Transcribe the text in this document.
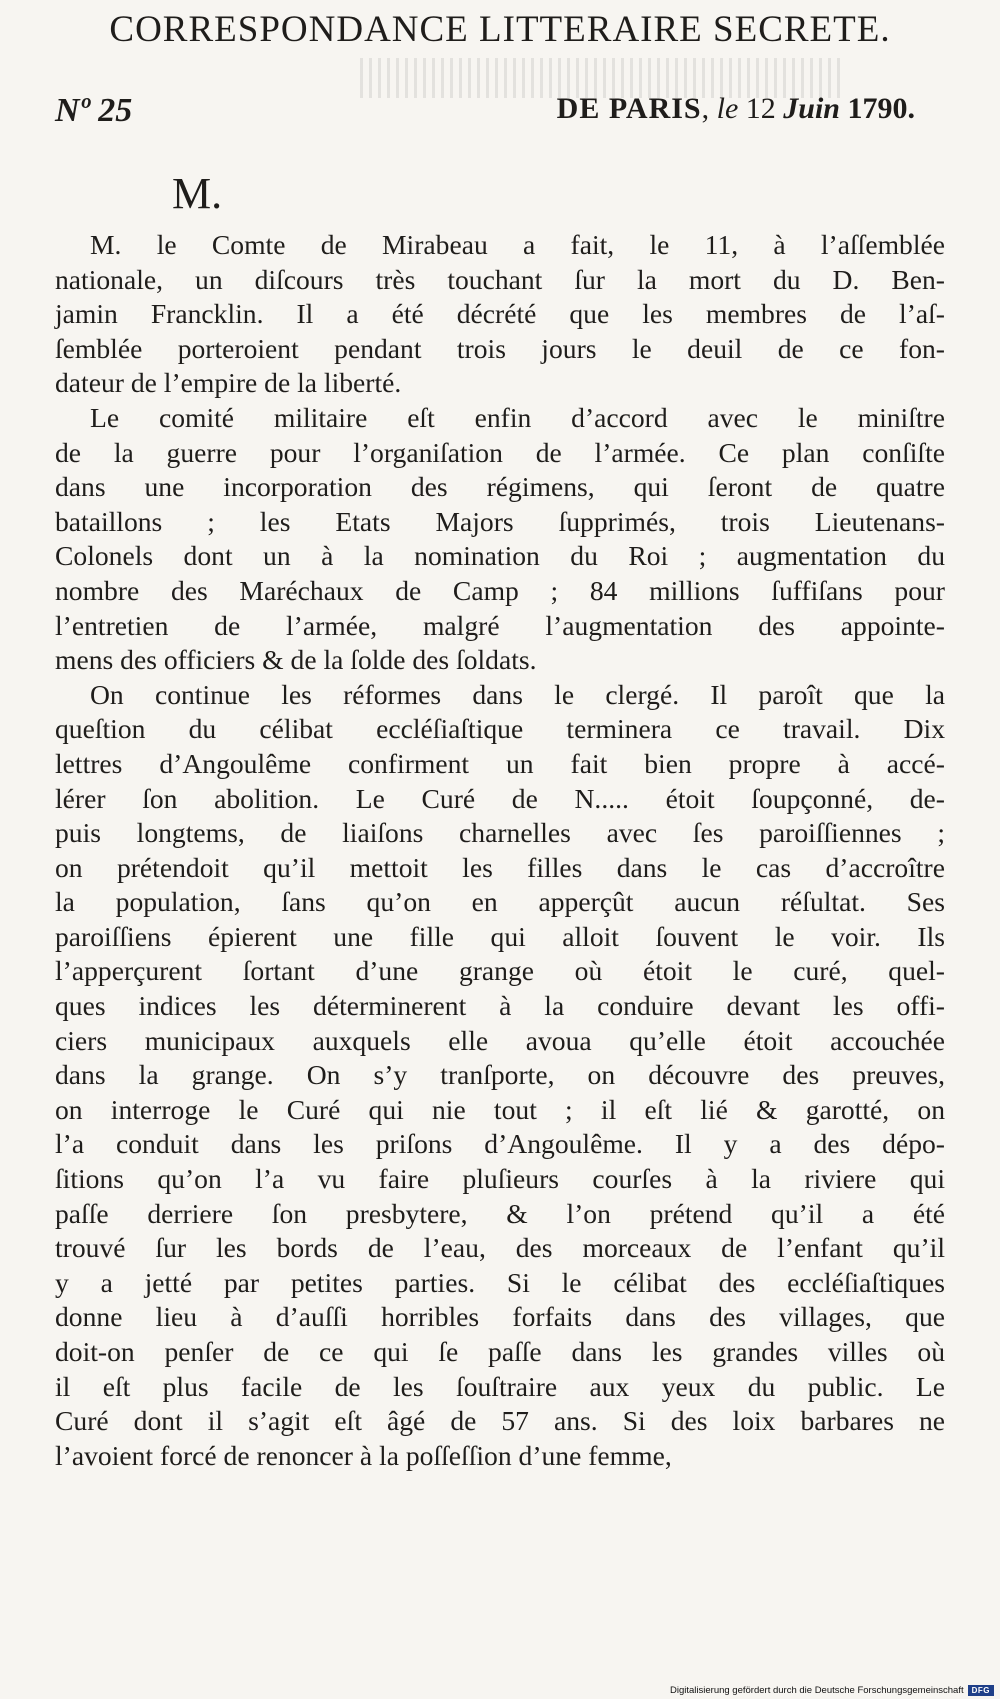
CORRESPONDANCE LITTERAIRE SECRETE.
Nº 25	DE PARIS, le 12 Juin 1790.
M.
M. le Comte de Mirabeau a fait, le 11, à l’aſſemblée
nationale, un diſcours très touchant ſur la mort du D. Ben-
jamin Francklin. Il a été décrété que les membres de l’aſ-
ſemblée porteroient pendant trois jours le deuil de ce fon-
dateur de l’empire de la liberté.
Le comité militaire eſt enfin d’accord avec le miniſtre
de la guerre pour l’organiſation de l’armée. Ce plan conſiſte
dans une incorporation des régimens, qui ſeront de quatre
bataillons ; les Etats Majors ſupprimés, trois Lieutenans-
Colonels dont un à la nomination du Roi ; augmentation du
nombre des Maréchaux de Camp ; 84 millions ſuffiſans pour
l’entretien de l’armée, malgré l’augmentation des appointe-
mens des officiers & de la ſolde des ſoldats.
On continue les réformes dans le clergé. Il paroît que la
queſtion du célibat eccléſiaſtique terminera ce travail. Dix
lettres d’Angoulême confirment un fait bien propre à accé-
lérer ſon abolition. Le Curé de N..... étoit ſoupçonné, de-
puis longtems, de liaiſons charnelles avec ſes paroiſſiennes ;
on prétendoit qu’il mettoit les filles dans le cas d’accroître
la population, ſans qu’on en apperçût aucun réſultat. Ses
paroiſſiens épierent une fille qui alloit ſouvent le voir. Ils
l’apperçurent ſortant d’une grange où étoit le curé, quel-
ques indices les déterminerent à la conduire devant les offi-
ciers municipaux auxquels elle avoua qu’elle étoit accouchée
dans la grange. On s’y tranſporte, on découvre des preuves,
on interroge le Curé qui nie tout ; il eſt lié & garotté, on
l’a conduit dans les priſons d’Angoulême. Il y a des dépo-
ſitions qu’on l’a vu faire pluſieurs courſes à la riviere qui
paſſe derriere ſon presbytere, & l’on prétend qu’il a été
trouvé ſur les bords de l’eau, des morceaux de l’enfant qu’il
y a jetté par petites parties. Si le célibat des eccléſiaſtiques
donne lieu à d’auſſi horribles forfaits dans des villages, que
doit-on penſer de ce qui ſe paſſe dans les grandes villes où
il eſt plus facile de les ſouſtraire aux yeux du public. Le
Curé dont il s’agit eſt âgé de 57 ans. Si des loix barbares ne
l’avoient forcé de renoncer à la poſſeſſion d’une femme,
Digitalisierung gefördert durch die Deutsche Forschungsgemeinschaft	DFG
